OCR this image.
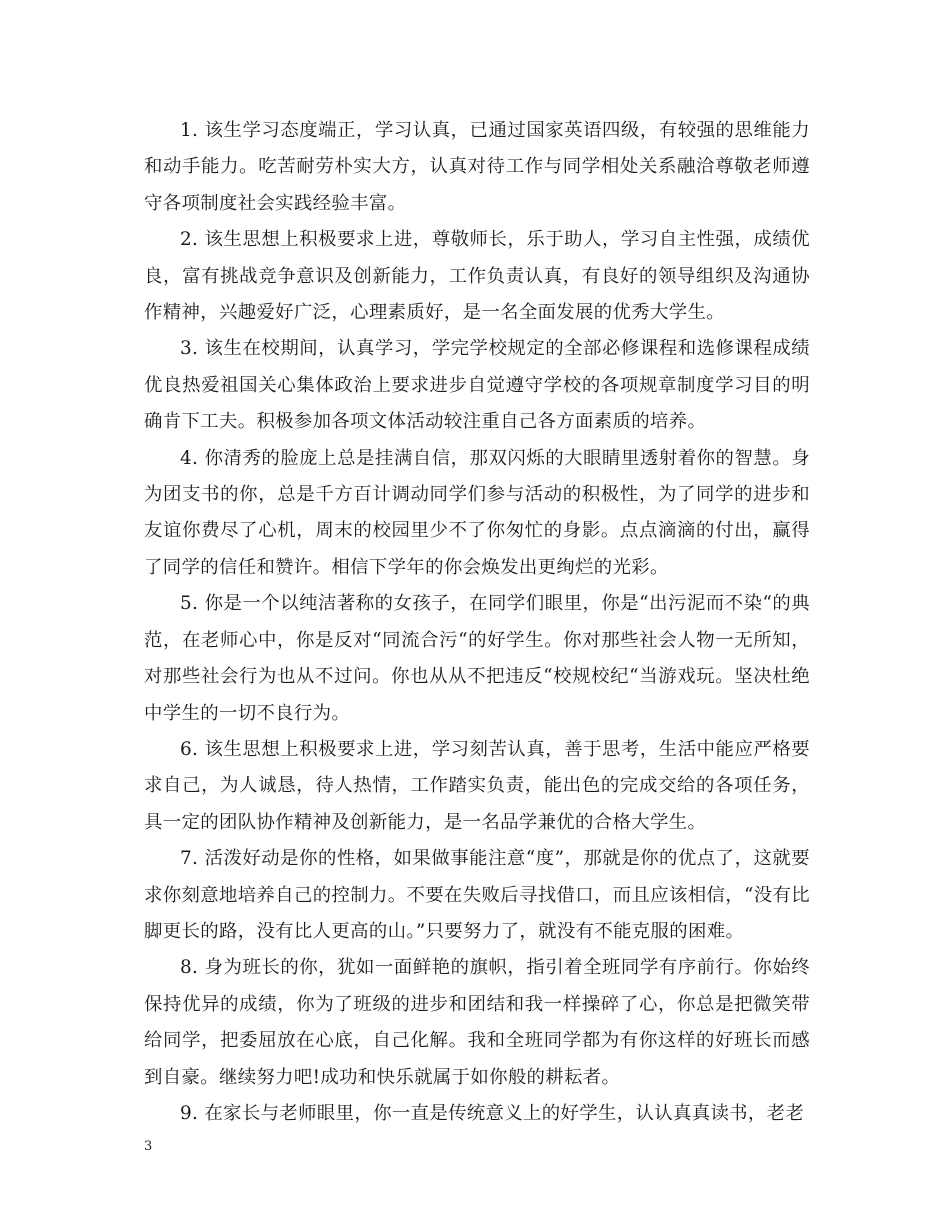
1. 该生学习态度端正，学习认真，已通过国家英语四级，有较强的思维能力和动手能力。吃苦耐劳朴实大方，认真对待工作与同学相处关系融洽尊敬老师遵守各项制度社会实践经验丰富。

2. 该生思想上积极要求上进，尊敬师长，乐于助人，学习自主性强，成绩优良，富有挑战竞争意识及创新能力，工作负责认真，有良好的领导组织及沟通协作精神，兴趣爱好广泛，心理素质好，是一名全面发展的优秀大学生。

3. 该生在校期间，认真学习，学完学校规定的全部必修课程和选修课程成绩优良热爱祖国关心集体政治上要求进步自觉遵守学校的各项规章制度学习目的明确肯下工夫。积极参加各项文体活动较注重自己各方面素质的培养。

4. 你清秀的脸庞上总是挂满自信，那双闪烁的大眼睛里透射着你的智慧。身为团支书的你，总是千方百计调动同学们参与活动的积极性，为了同学的进步和友谊你费尽了心机，周末的校园里少不了你匆忙的身影。点点滴滴的付出，赢得了同学的信任和赞许。相信下学年的你会焕发出更绚烂的光彩。

5. 你是一个以纯洁著称的女孩子，在同学们眼里，你是“出污泥而不染“的典范，在老师心中，你是反对“同流合污“的好学生。你对那些社会人物一无所知，对那些社会行为也从不过问。你也从从不把违反“校规校纪“当游戏玩。坚决杜绝中学生的一切不良行为。

6. 该生思想上积极要求上进，学习刻苦认真，善于思考，生活中能应严格要求自己，为人诚恳，待人热情，工作踏实负责，能出色的完成交给的各项任务，具一定的团队协作精神及创新能力，是一名品学兼优的合格大学生。

7. 活泼好动是你的性格，如果做事能注意“度”，那就是你的优点了，这就要求你刻意地培养自己的控制力。不要在失败后寻找借口，而且应该相信，“没有比脚更长的路，没有比人更高的山。”只要努力了，就没有不能克服的困难。

8. 身为班长的你，犹如一面鲜艳的旗帜，指引着全班同学有序前行。你始终保持优异的成绩，你为了班级的进步和团结和我一样操碎了心，你总是把微笑带给同学，把委屈放在心底，自己化解。我和全班同学都为有你这样的好班长而感到自豪。继续努力吧!成功和快乐就属于如你般的耕耘者。

9. 在家长与老师眼里，你一直是传统意义上的好学生，认认真真读书，老老

3
